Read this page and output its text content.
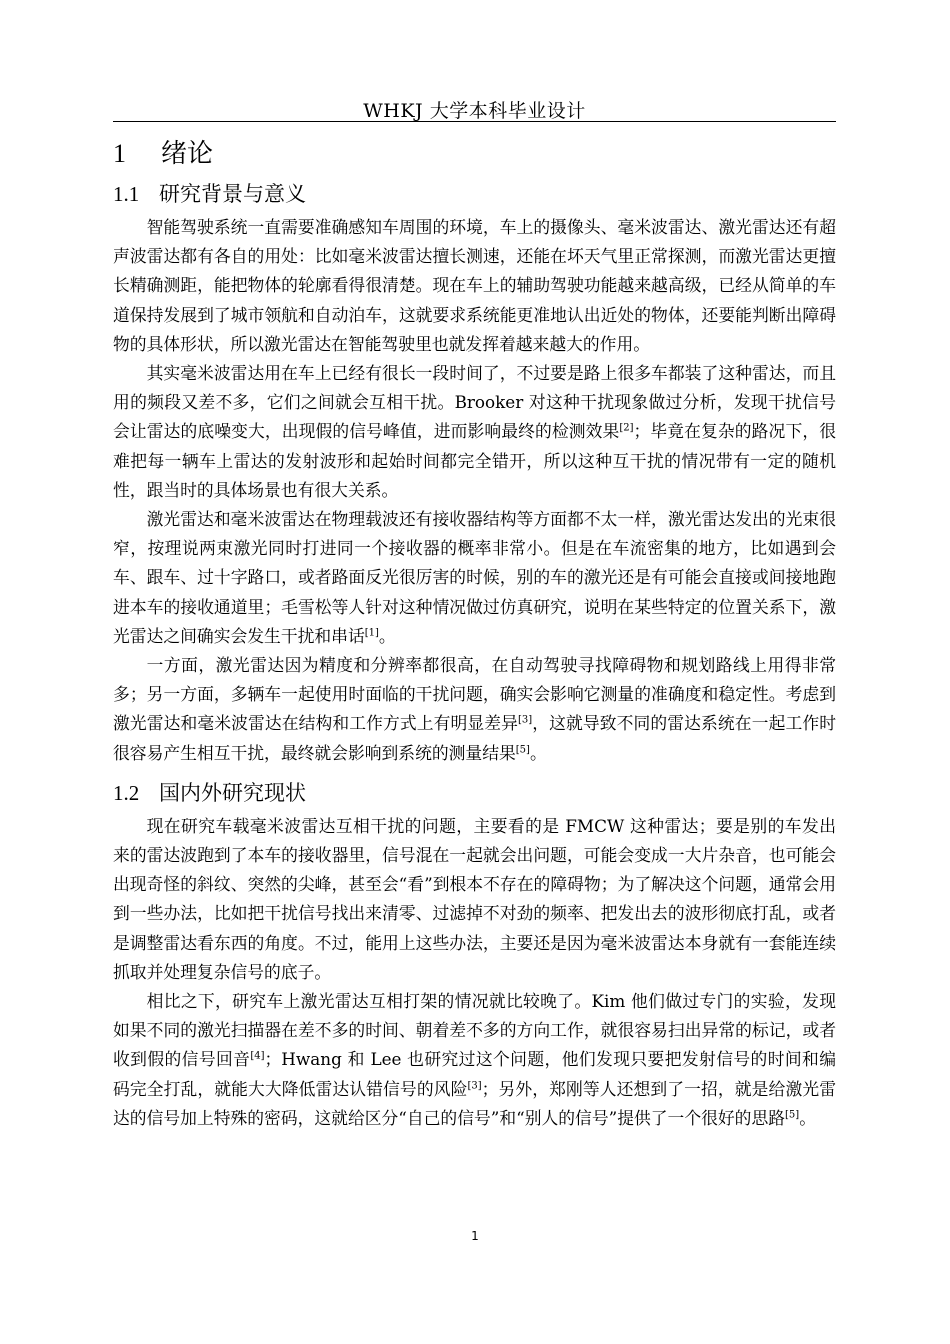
WHKJ 大学本科毕业设计
1 绪论
1.1 研究背景与意义

智能驾驶系统一直需要准确感知车周围的环境，车上的摄像头、毫米波雷达、激光雷达还有超声波雷达都有各自的用处：比如毫米波雷达擅长测速，还能在坏天气里正常探测，而激光雷达更擅长精确测距，能把物体的轮廓看得很清楚。现在车上的辅助驾驶功能越来越高级，已经从简单的车道保持发展到了城市领航和自动泊车，这就要求系统能更准地认出近处的物体，还要能判断出障碍物的具体形状，所以激光雷达在智能驾驶里也就发挥着越来越大的作用。

其实毫米波雷达用在车上已经有很长一段时间了，不过要是路上很多车都装了这种雷达，而且用的频段又差不多，它们之间就会互相干扰。Brooker 对这种干扰现象做过分析，发现干扰信号会让雷达的底噪变大，出现假的信号峰值，进而影响最终的检测效果[2]；毕竟在复杂的路况下，很难把每一辆车上雷达的发射波形和起始时间都完全错开，所以这种互干扰的情况带有一定的随机性，跟当时的具体场景也有很大关系。

激光雷达和毫米波雷达在物理载波还有接收器结构等方面都不太一样，激光雷达发出的光束很窄，按理说两束激光同时打进同一个接收器的概率非常小。但是在车流密集的地方，比如遇到会车、跟车、过十字路口，或者路面反光很厉害的时候，别的车的激光还是有可能会直接或间接地跑进本车的接收通道里；毛雪松等人针对这种情况做过仿真研究，说明在某些特定的位置关系下，激光雷达之间确实会发生干扰和串话[1]。

一方面，激光雷达因为精度和分辨率都很高，在自动驾驶寻找障碍物和规划路线上用得非常多；另一方面，多辆车一起使用时面临的干扰问题，确实会影响它测量的准确度和稳定性。考虑到激光雷达和毫米波雷达在结构和工作方式上有明显差异[3]，这就导致不同的雷达系统在一起工作时很容易产生相互干扰，最终就会影响到系统的测量结果[5]。

1.2 国内外研究现状

现在研究车载毫米波雷达互相干扰的问题，主要看的是 FMCW 这种雷达；要是别的车发出来的雷达波跑到了本车的接收器里，信号混在一起就会出问题，可能会变成一大片杂音，也可能会出现奇怪的斜纹、突然的尖峰，甚至会“看”到根本不存在的障碍物；为了解决这个问题，通常会用到一些办法，比如把干扰信号找出来清零、过滤掉不对劲的频率、把发出去的波形彻底打乱，或者是调整雷达看东西的角度。不过，能用上这些办法，主要还是因为毫米波雷达本身就有一套能连续抓取并处理复杂信号的底子。

相比之下，研究车上激光雷达互相打架的情况就比较晚了。Kim 他们做过专门的实验，发现如果不同的激光扫描器在差不多的时间、朝着差不多的方向工作，就很容易扫出异常的标记，或者收到假的信号回音[4]；Hwang 和 Lee 也研究过这个问题，他们发现只要把发射信号的时间和编码完全打乱，就能大大降低雷达认错信号的风险[3]；另外，郑刚等人还想到了一招，就是给激光雷达的信号加上特殊的密码，这就给区分“自己的信号”和“别人的信号”提供了一个很好的思路[5]。

1
